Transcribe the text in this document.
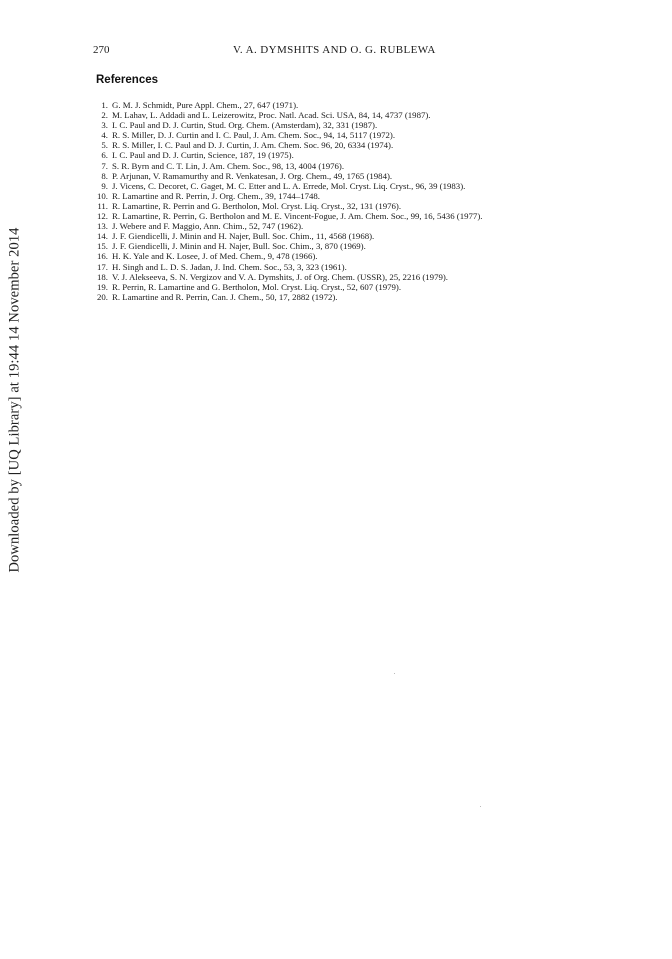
Downloaded by [UQ Library] at 19:44 14 November 2014
270	V. A. DYMSHITS AND O. G. RUBLEWA
References
1. G. M. J. Schmidt, Pure Appl. Chem., 27, 647 (1971).
2. M. Lahav, L. Addadi and L. Leizerowitz, Proc. Natl. Acad. Sci. USA, 84, 14, 4737 (1987).
3. I. C. Paul and D. J. Curtin, Stud. Org. Chem. (Amsterdam), 32, 331 (1987).
4. R. S. Miller, D. J. Curtin and I. C. Paul, J. Am. Chem. Soc., 94, 14, 5117 (1972).
5. R. S. Miller, I. C. Paul and D. J. Curtin, J. Am. Chem. Soc. 96, 20, 6334 (1974).
6. I. C. Paul and D. J. Curtin, Science, 187, 19 (1975).
7. S. R. Byrn and C. T. Lin, J. Am. Chem. Soc., 98, 13, 4004 (1976).
8. P. Arjunan, V. Ramamurthy and R. Venkatesan, J. Org. Chem., 49, 1765 (1984).
9. J. Vicens, C. Decoret, C. Gaget, M. C. Etter and L. A. Errede, Mol. Cryst. Liq. Cryst., 96, 39 (1983).
10. R. Lamartine and R. Perrin, J. Org. Chem., 39, 1744–1748.
11. R. Lamartine, R. Perrin and G. Bertholon, Mol. Cryst. Liq. Cryst., 32, 131 (1976).
12. R. Lamartine, R. Perrin, G. Bertholon and M. E. Vincent-Fogue, J. Am. Chem. Soc., 99, 16, 5436 (1977).
13. J. Webere and F. Maggio, Ann. Chim., 52, 747 (1962).
14. J. F. Giendicelli, J. Minin and H. Najer, Bull. Soc. Chim., 11, 4568 (1968).
15. J. F. Giendicelli, J. Minin and H. Najer, Bull. Soc. Chim., 3, 870 (1969).
16. H. K. Yale and K. Losee, J. of Med. Chem., 9, 478 (1966).
17. H. Singh and L. D. S. Jadan, J. Ind. Chem. Soc., 53, 3, 323 (1961).
18. V. J. Alekseeva, S. N. Vergizov and V. A. Dymshits, J. of Org. Chem. (USSR), 25, 2216 (1979).
19. R. Perrin, R. Lamartine and G. Bertholon, Mol. Cryst. Liq. Cryst., 52, 607 (1979).
20. R. Lamartine and R. Perrin, Can. J. Chem., 50, 17, 2882 (1972).
